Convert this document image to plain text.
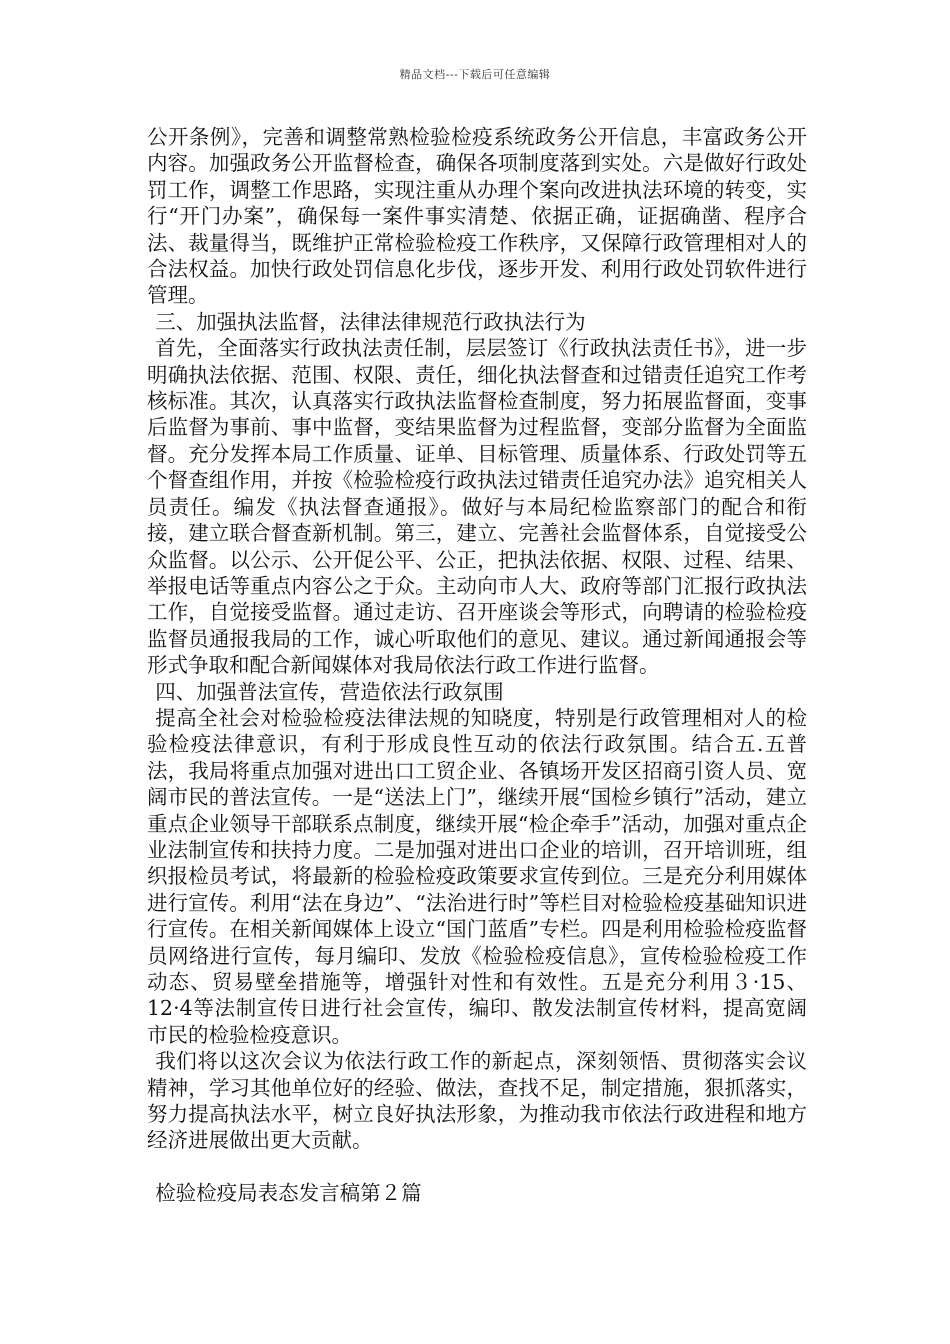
精品文档---下载后可任意编辑

公开条例》，完善和调整常熟检验检疫系统政务公开信息，丰富政务公开内容。加强政务公开监督检查，确保各项制度落到实处。六是做好行政处罚工作，调整工作思路，实现注重从办理个案向改进执法环境的转变，实行“开门办案”，确保每一案件事实清楚、依据正确，证据确凿、程序合法、裁量得当，既维护正常检验检疫工作秩序，又保障行政管理相对人的合法权益。加快行政处罚信息化步伐，逐步开发、利用行政处罚软件进行管理。

三、加强执法监督，法律法律规范行政执法行为

首先，全面落实行政执法责任制，层层签订《行政执法责任书》，进一步明确执法依据、范围、权限、责任，细化执法督查和过错责任追究工作考核标准。其次，认真落实行政执法监督检查制度，努力拓展监督面，变事后监督为事前、事中监督，变结果监督为过程监督，变部分监督为全面监督。充分发挥本局工作质量、证单、目标管理、质量体系、行政处罚等五个督查组作用，并按《检验检疫行政执法过错责任追究办法》追究相关人员责任。编发《执法督查通报》。做好与本局纪检监察部门的配合和衔接，建立联合督查新机制。第三，建立、完善社会监督体系，自觉接受公众监督。以公示、公开促公平、公正，把执法依据、权限、过程、结果、举报电话等重点内容公之于众。主动向市人大、政府等部门汇报行政执法工作，自觉接受监督。通过走访、召开座谈会等形式，向聘请的检验检疫监督员通报我局的工作，诚心听取他们的意见、建议。通过新闻通报会等形式争取和配合新闻媒体对我局依法行政工作进行监督。

四、加强普法宣传，营造依法行政氛围

提高全社会对检验检疫法律法规的知晓度，特别是行政管理相对人的检验检疫法律意识，有利于形成良性互动的依法行政氛围。结合五.五普法，我局将重点加强对进出口工贸企业、各镇场开发区招商引资人员、宽阔市民的普法宣传。一是“送法上门”，继续开展“国检乡镇行”活动，建立重点企业领导干部联系点制度，继续开展“检企牵手”活动，加强对重点企业法制宣传和扶持力度。二是加强对进出口企业的培训，召开培训班，组织报检员考试，将最新的检验检疫政策要求宣传到位。三是充分利用媒体进行宣传。利用“法在身边”、“法治进行时”等栏目对检验检疫基础知识进行宣传。在相关新闻媒体上设立“国门蓝盾”专栏。四是利用检验检疫监督员网络进行宣传，每月编印、发放《检验检疫信息》，宣传检验检疫工作动态、贸易壁垒措施等，增强针对性和有效性。五是充分利用３·15、12·4等法制宣传日进行社会宣传，编印、散发法制宣传材料，提高宽阔市民的检验检疫意识。

我们将以这次会议为依法行政工作的新起点，深刻领悟、贯彻落实会议精神，学习其他单位好的经验、做法，查找不足，制定措施，狠抓落实，努力提高执法水平，树立良好执法形象，为推动我市依法行政进程和地方经济进展做出更大贡献。

检验检疫局表态发言稿第２篇
